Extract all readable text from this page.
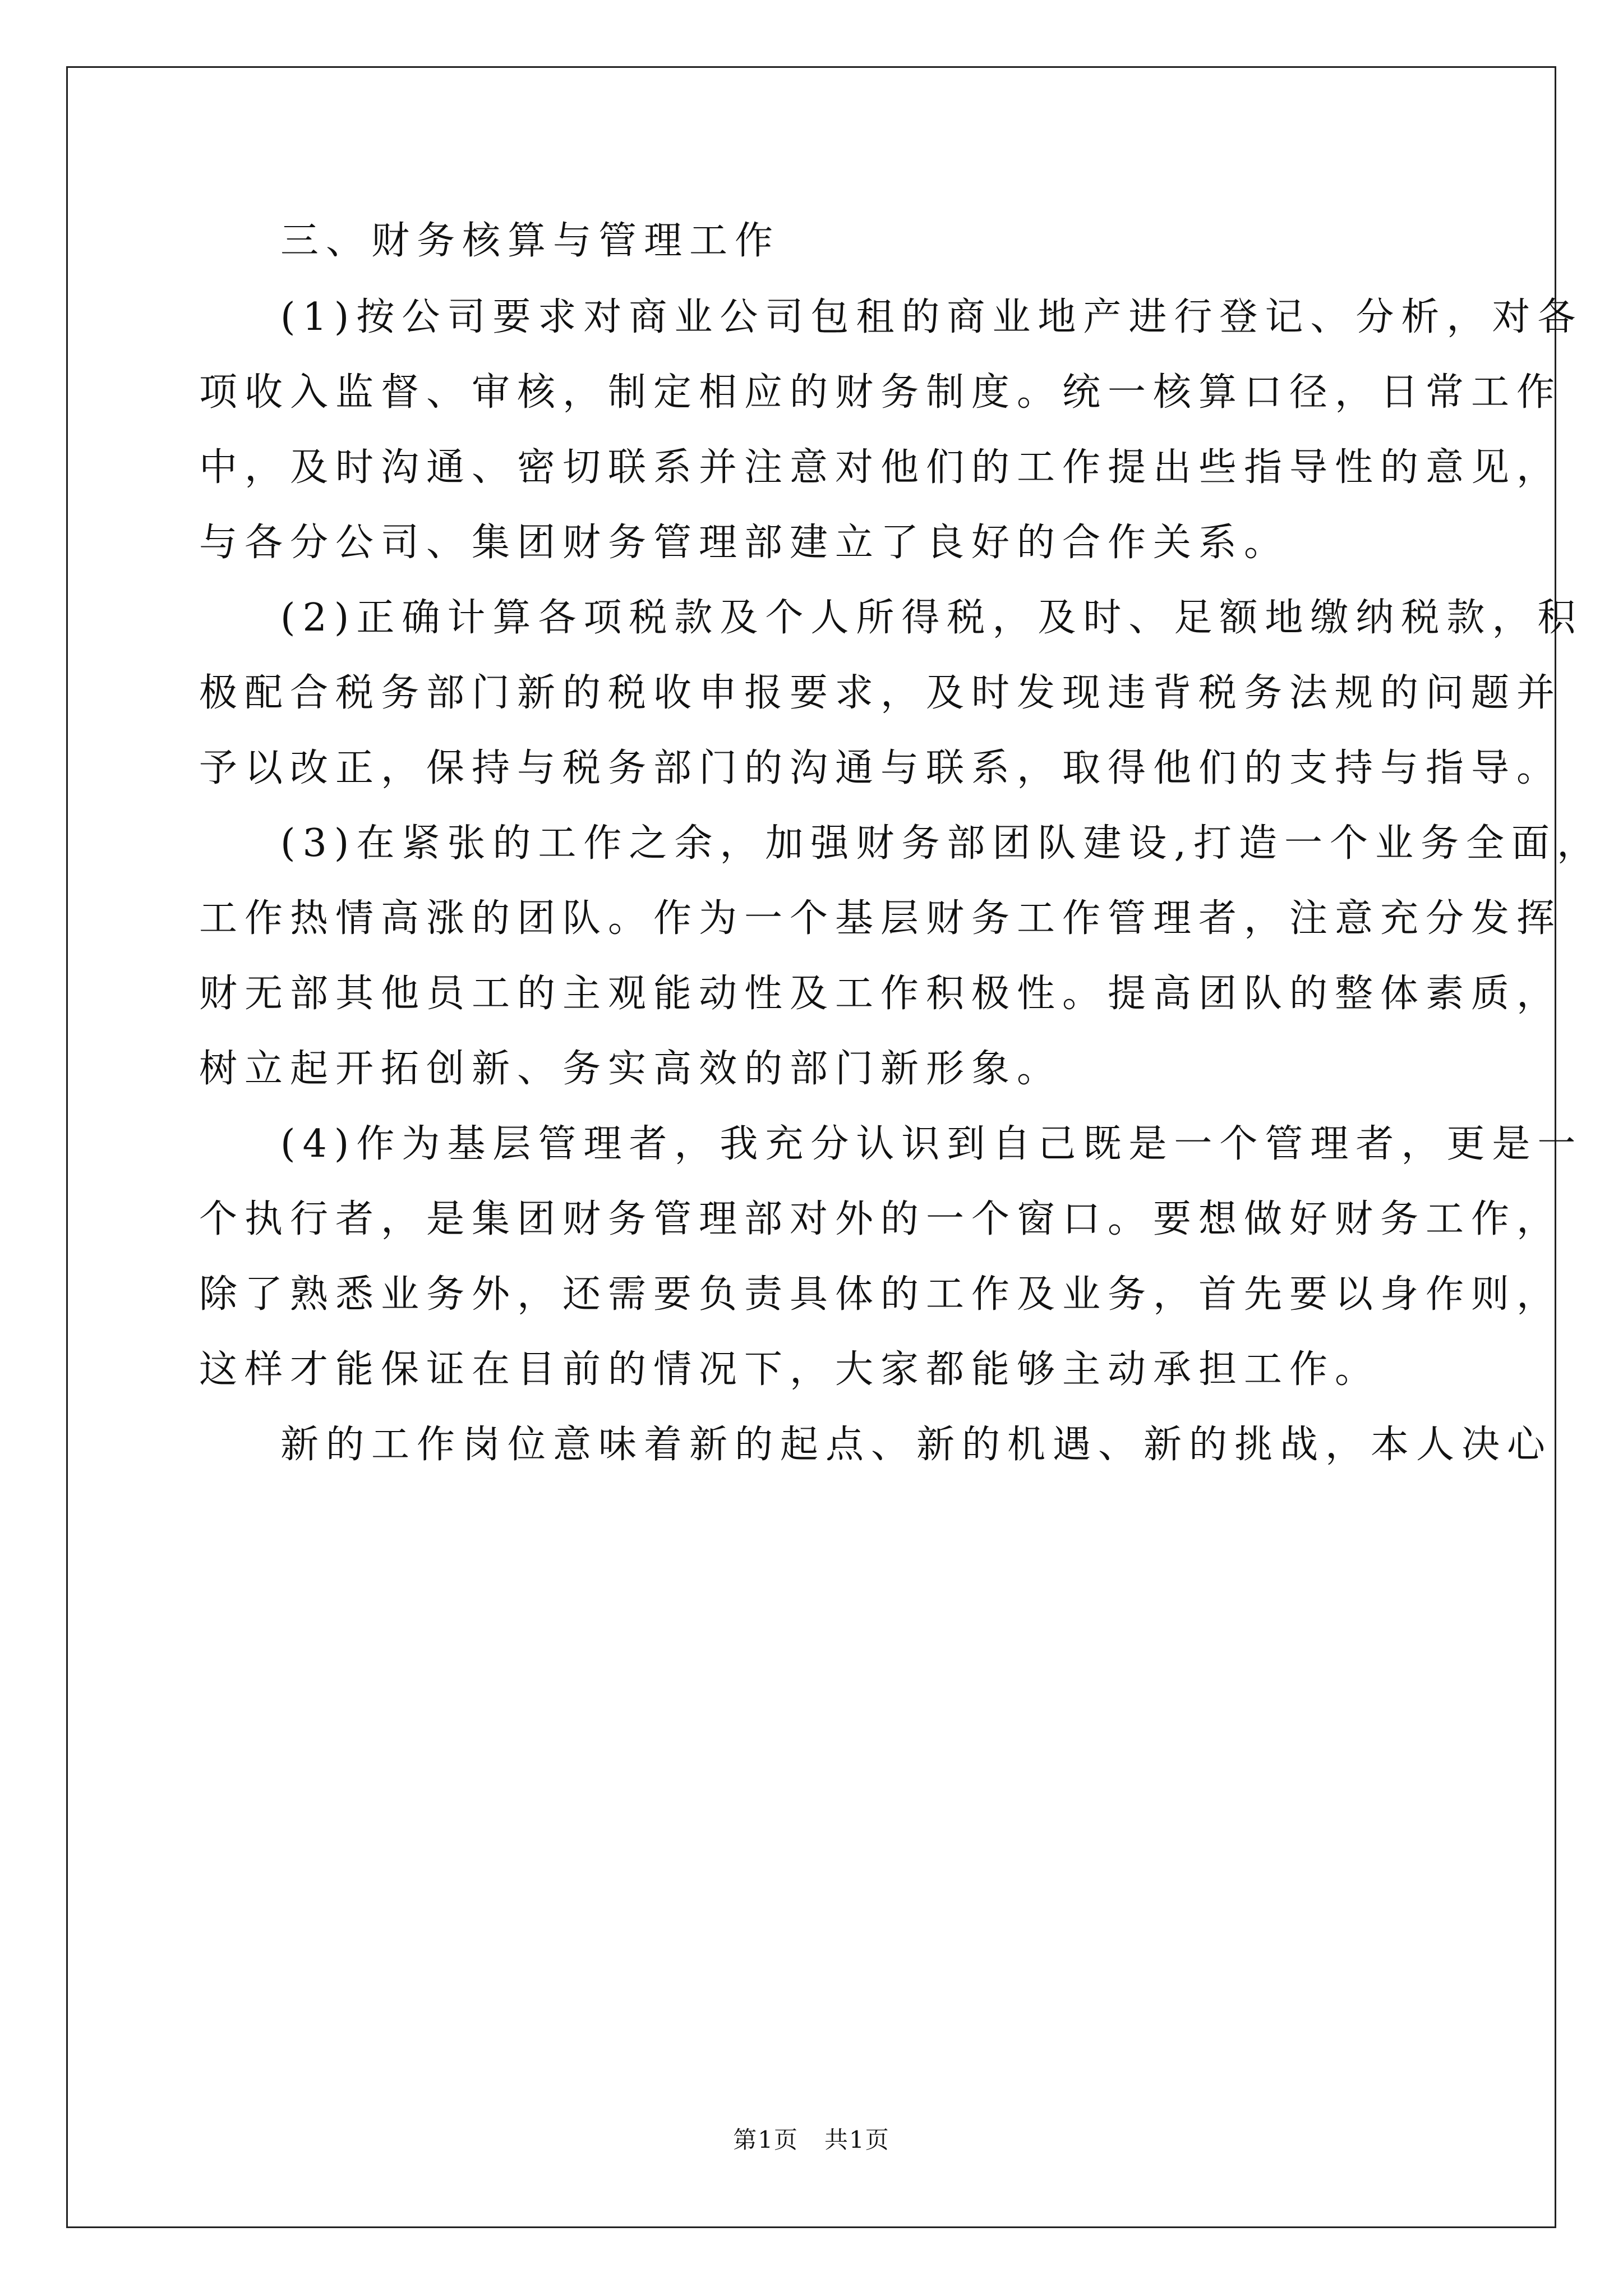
三、财务核算与管理工作
(1)按公司要求对商业公司包租的商业地产进行登记、分析，对各
项收入监督、审核，制定相应的财务制度。统一核算口径，日常工作
中，及时沟通、密切联系并注意对他们的工作提出些指导性的意见，
与各分公司、集团财务管理部建立了良好的合作关系。
(2)正确计算各项税款及个人所得税，及时、足额地缴纳税款，积
极配合税务部门新的税收申报要求，及时发现违背税务法规的问题并
予以改正，保持与税务部门的沟通与联系，取得他们的支持与指导。
(3)在紧张的工作之余，加强财务部团队建设,打造一个业务全面，
工作热情高涨的团队。作为一个基层财务工作管理者，注意充分发挥
财无部其他员工的主观能动性及工作积极性。提高团队的整体素质，
树立起开拓创新、务实高效的部门新形象。
(4)作为基层管理者，我充分认识到自己既是一个管理者，更是一
个执行者，是集团财务管理部对外的一个窗口。要想做好财务工作，
除了熟悉业务外，还需要负责具体的工作及业务，首先要以身作则，
这样才能保证在目前的情况下，大家都能够主动承担工作。
新的工作岗位意味着新的起点、新的机遇、新的挑战，本人决心
第1页   共1页
